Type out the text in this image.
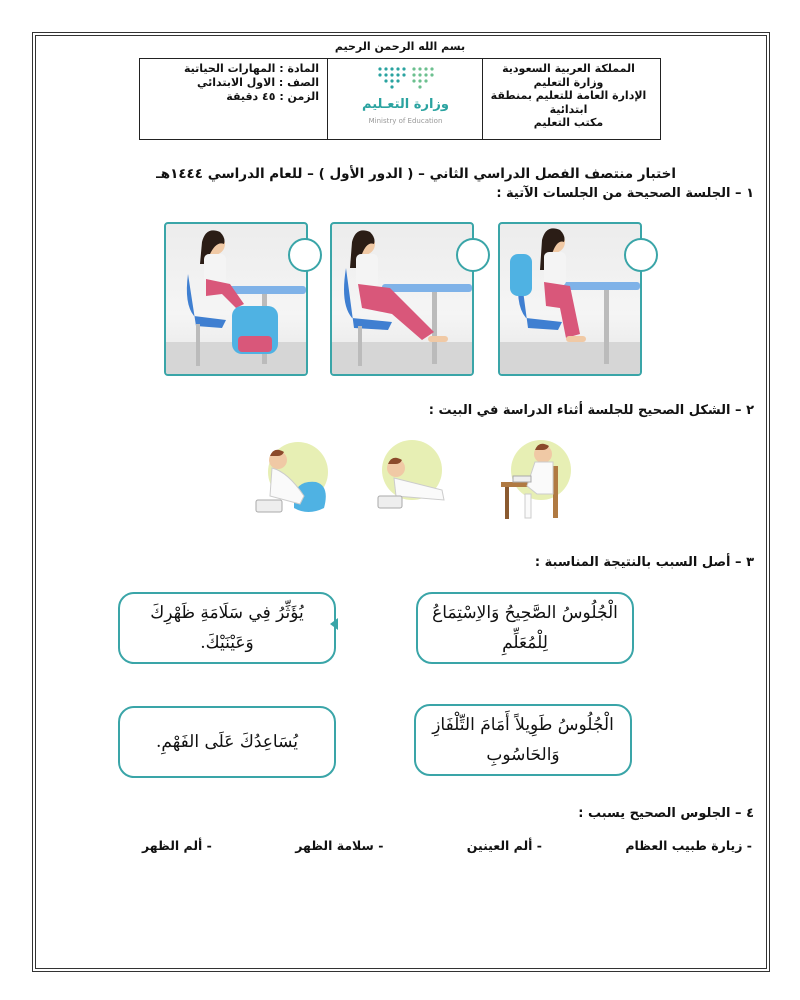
بسم الله الرحمن الرحيم
المادة : المهارات الحياتية
الصف : الاول الابتدائي
الزمن : ٤٥ دقيقة
وزارة التعـليم
Ministry of Education
المملكة العربية السعودية
وزارة التعليم
الإدارة العامة للتعليم بمنطقة
ابتدائية
مكتب التعليم
اختبار منتصف الفصل الدراسي الثاني – ( الدور الأول ) – للعام الدراسي ١٤٤٤هـ
١ – الجلسة الصحيحة من الجلسات الآتية :
٢ – الشكل الصحيح للجلسة أثناء الدراسة في البيت :
٣ – أصل السبب بالنتيجة المناسبة :
الْجُلُوسُ الصَّحِيحُ وَالاِسْتِمَاعُ لِلْمُعَلِّمِ
يُؤَثِّرُ فِي سَلَامَةِ ظَهْرِكَ وَعَيْنَيْكَ.
الْجُلُوسُ طَوِيلاً أَمَامَ التِّلْفَازِ وَالحَاسُوبِ
يُسَاعِدُكَ عَلَى الفَهْمِ.
٤ – الجلوس الصحيح يسبب :
- زيارة طبيب العظام
- ألم العينين
- سلامة الظهر
- ألم الظهر
